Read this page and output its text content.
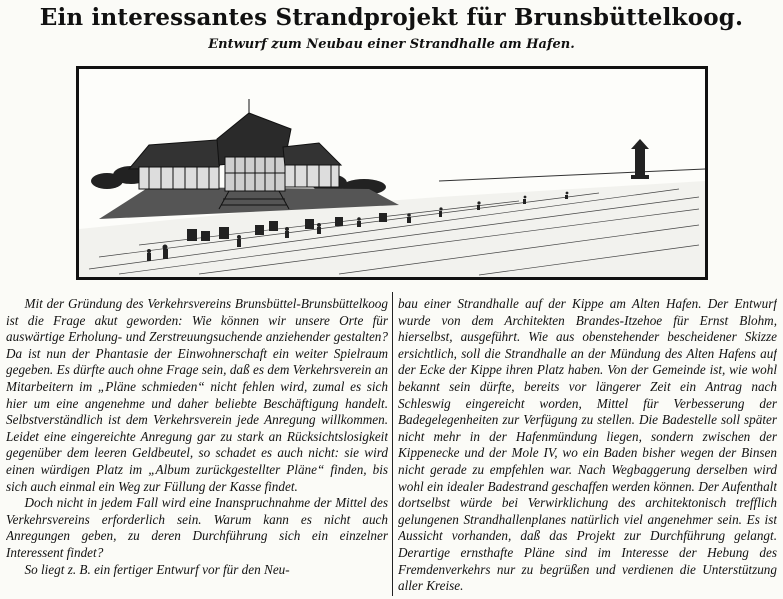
Ein interessantes Strandprojekt für Brunsbüttelkoog.
Entwurf zum Neubau einer Strandhalle am Hafen.

Mit der Gründung des Verkehrsvereins Brunsbüttel-Brunsbüttelkoog ist die Frage akut geworden: Wie können wir unsere Orte für auswärtige Erholung- und Zerstreuungsuchende anziehender gestalten? Da ist nun der Phantasie der Einwohnerschaft ein weiter Spielraum gegeben. Es dürfte auch ohne Frage sein, daß es dem Verkehrsverein an Mitarbeitern im „Pläne schmieden“ nicht fehlen wird, zumal es sich hier um eine angenehme und daher beliebte Beschäftigung handelt. Selbstverständlich ist dem Verkehrsverein jede Anregung willkommen. Leidet eine eingereichte Anregung gar zu stark an Rücksichtslosigkeit gegenüber dem leeren Geldbeutel, so schadet es auch nicht: sie wird einen würdigen Platz im „Album zurückgestellter Pläne“ finden, bis sich auch einmal ein Weg zur Füllung der Kasse findet.

Doch nicht in jedem Fall wird eine Inanspruchnahme der Mittel des Verkehrsvereins erforderlich sein. Warum kann es nicht auch Anregungen geben, zu deren Durchführung sich ein einzelner Interessent findet?

So liegt z. B. ein fertiger Entwurf vor für den Neu-

bau einer Strandhalle auf der Kippe am Alten Hafen. Der Entwurf wurde von dem Architekten Brandes-Itzehoe für Ernst Blohm, hierselbst, ausgeführt. Wie aus obenstehender bescheidener Skizze ersichtlich, soll die Strandhalle an der Mündung des Alten Hafens auf der Ecke der Kippe ihren Platz haben. Von der Gemeinde ist, wie wohl bekannt sein dürfte, bereits vor längerer Zeit ein Antrag nach Schleswig eingereicht worden, Mittel für Verbesserung der Badegelegenheiten zur Verfügung zu stellen. Die Badestelle soll später nicht mehr in der Hafenmündung liegen, sondern zwischen der Kippenecke und der Mole IV, wo ein Baden bisher wegen der Binsen nicht gerade zu empfehlen war. Nach Wegbaggerung derselben wird wohl ein idealer Badestrand geschaffen werden können. Der Aufenthalt dortselbst würde bei Verwirklichung des architektonisch trefflich gelungenen Strandhallenplanes natürlich viel angenehmer sein. Es ist Aussicht vorhanden, daß das Projekt zur Durchführung gelangt. Derartige ernsthafte Pläne sind im Interesse der Hebung des Fremdenverkehrs nur zu begrüßen und verdienen die Unterstützung aller Kreise.
